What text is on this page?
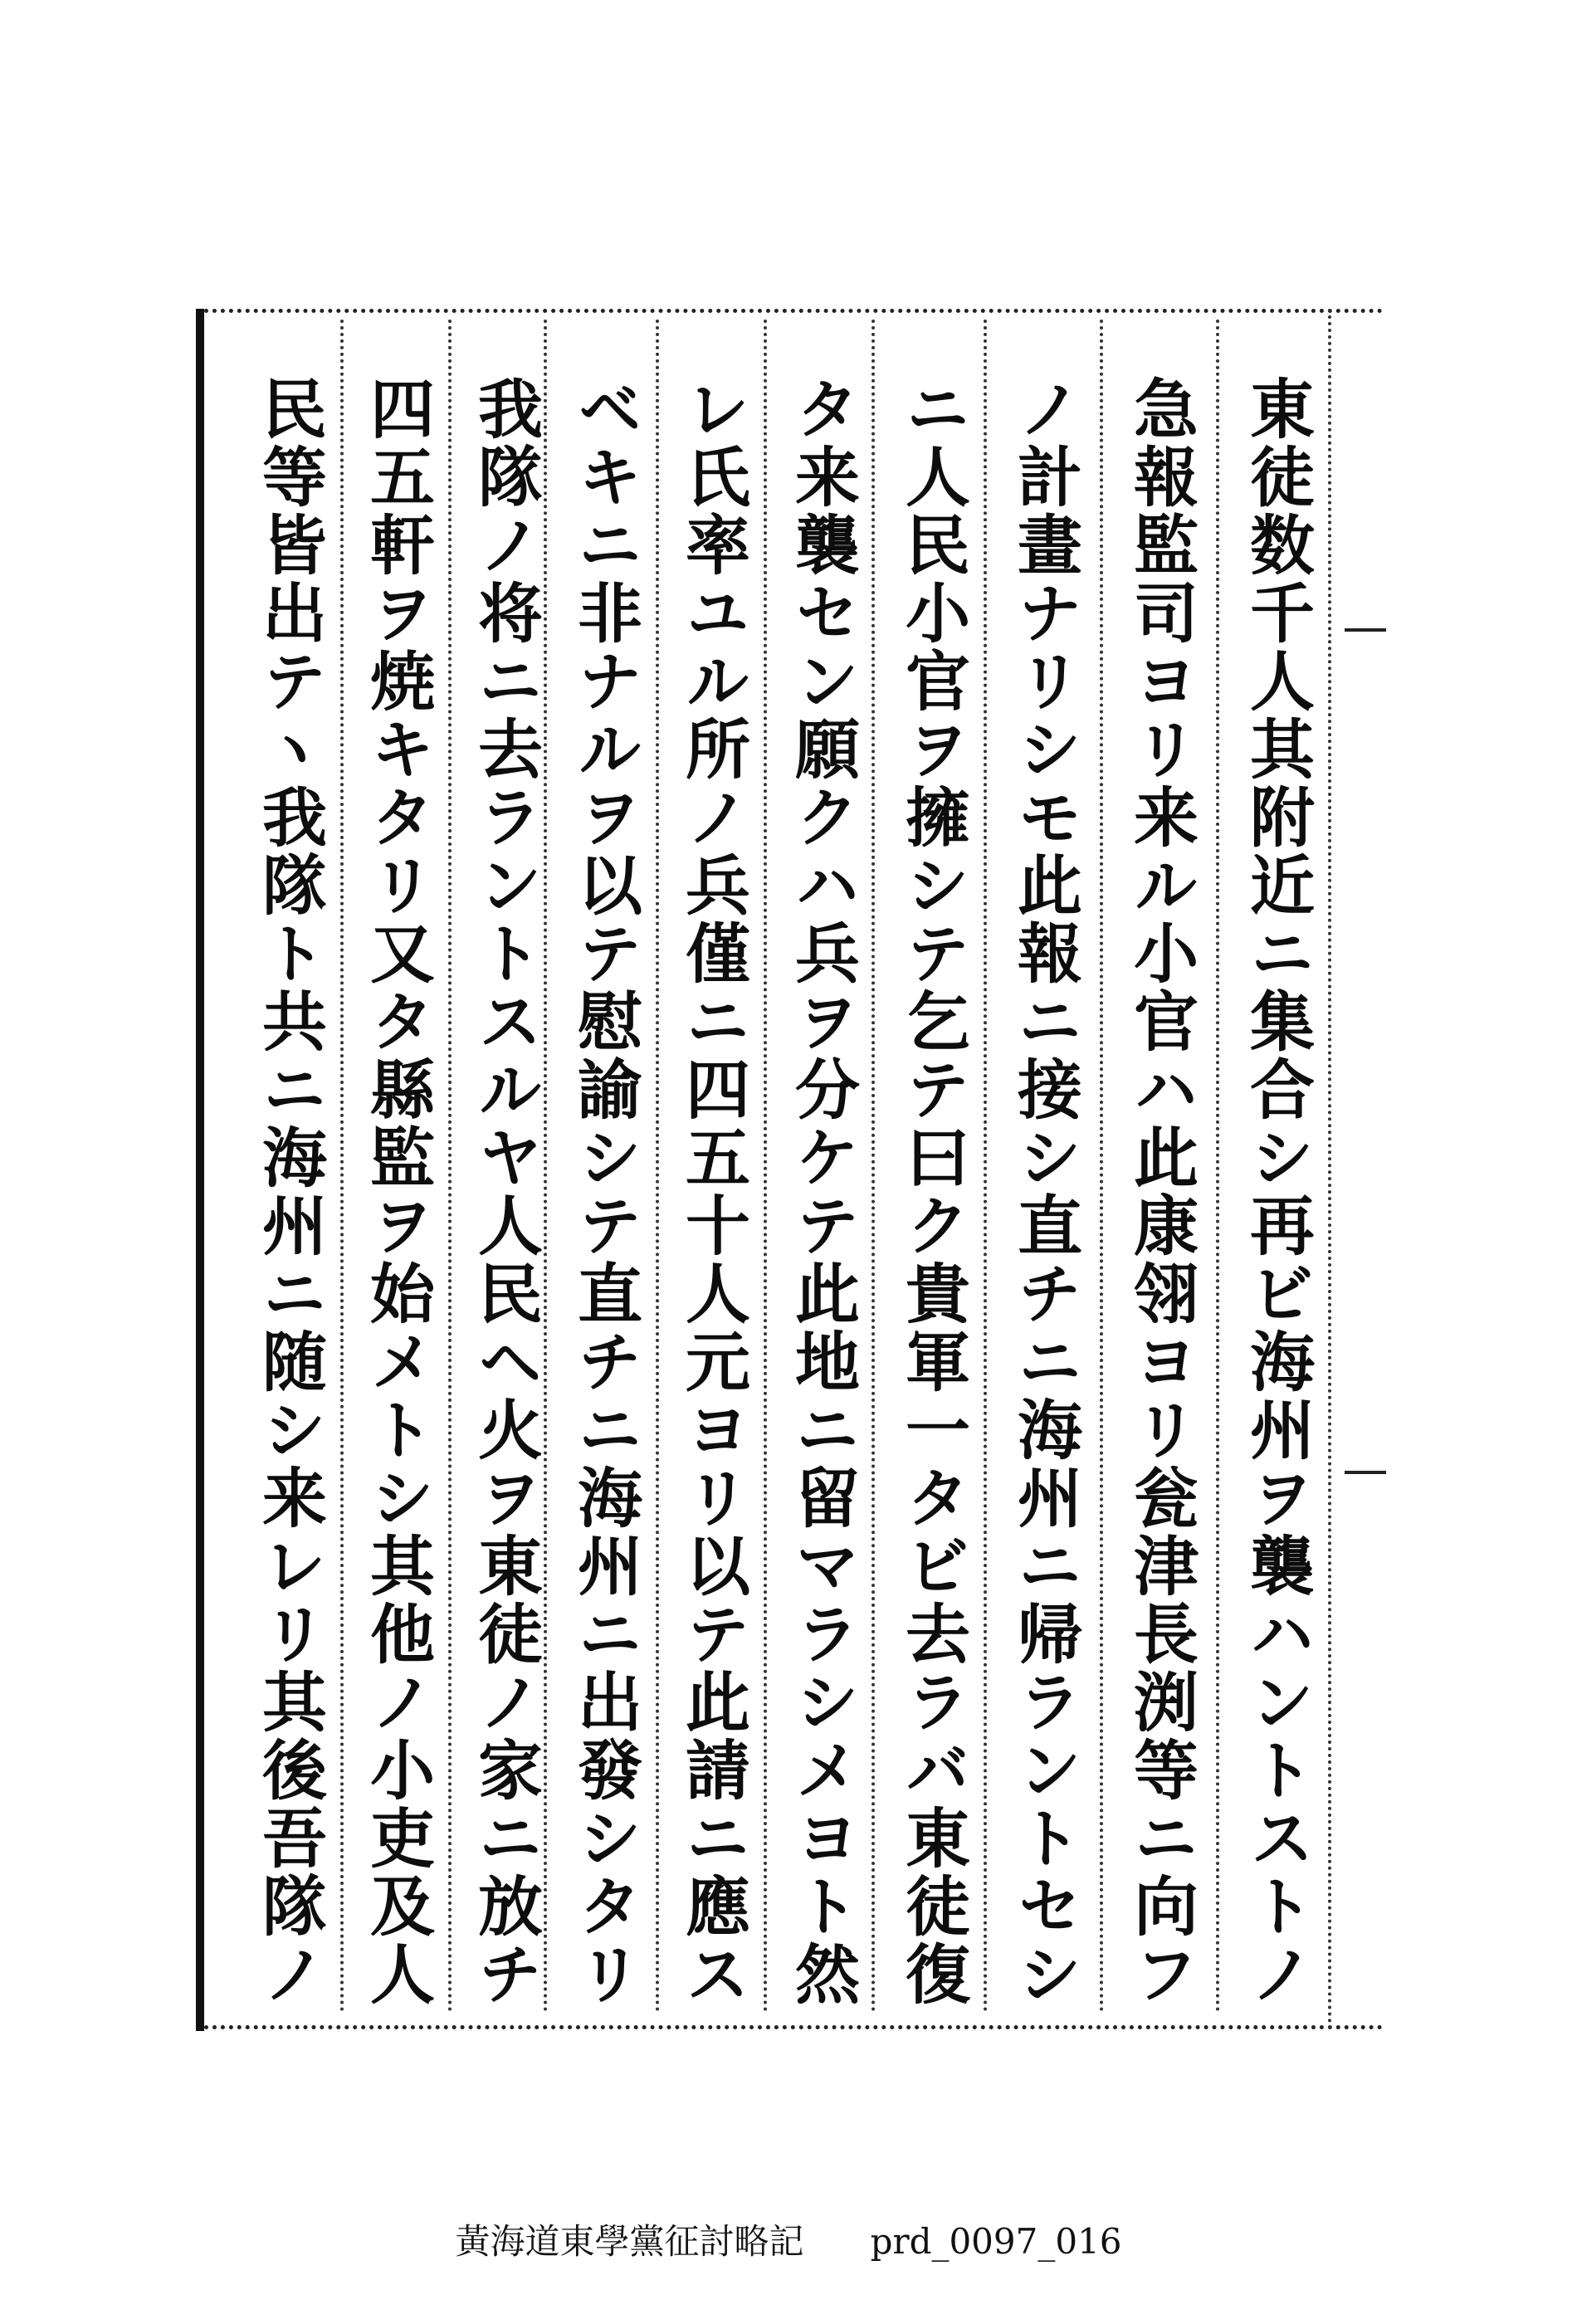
東徒数千人其附近ニ集合シ再ビ海州ヲ襲ハントストノ
急報監司ヨリ来ル小官ハ此康翎ヨリ瓮津長渕等ニ向フ
ノ計畫ナリシモ此報ニ接シ直チニ海州ニ帰ラントセシ
ニ人民小官ヲ擁シテ乞テ曰ク貴軍一タビ去ラバ東徒復
タ来襲セン願クハ兵ヲ分ケテ此地ニ留マラシメヨト然
レ氏率ユル所ノ兵僅ニ四五十人元ヨリ以テ此請ニ應ス
ベキニ非ナルヲ以テ慰諭シテ直チニ海州ニ出發シタリ
我隊ノ将ニ去ラントスルヤ人民ヘ火ヲ東徒ノ家ニ放チ
四五軒ヲ焼キタリ又タ縣監ヲ始メトシ其他ノ小吏及人
民等皆出テヽ我隊ト共ニ海州ニ随シ来レリ其後吾隊ノ
黃海道東學黨征討略記 prd_0097_016
